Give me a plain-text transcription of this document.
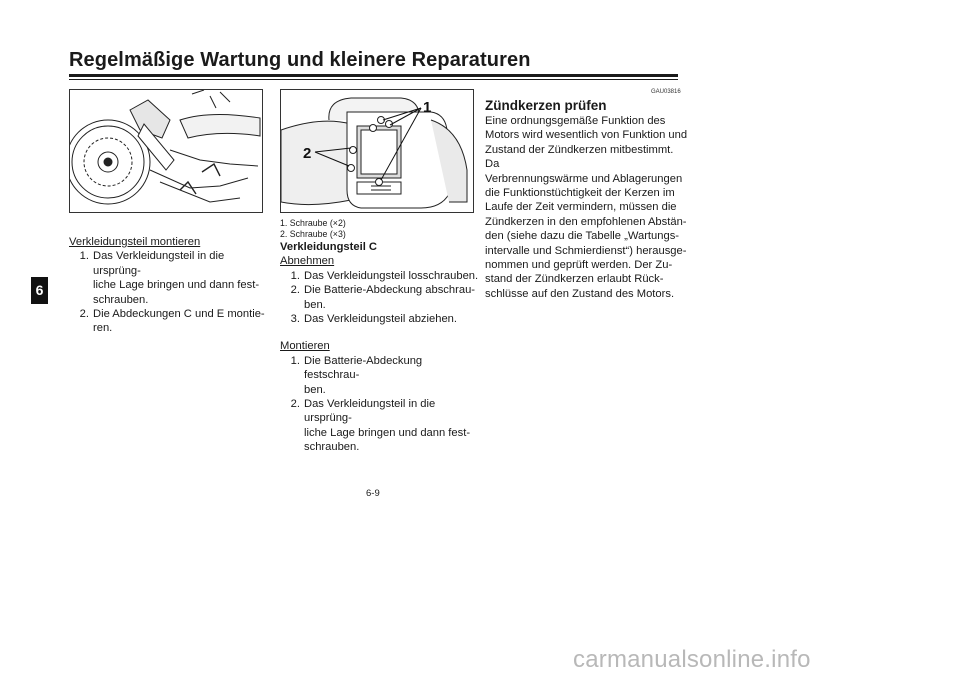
Regelmäßige Wartung und kleinere Reparaturen
6
1
2
Verkleidungsteil montieren
1. Das Verkleidungsteil in die ursprüng-
liche Lage bringen und dann fest-
schrauben.
2. Die Abdeckungen C und E montie-
ren.
1. Schraube (×2)
2. Schraube (×3)
Verkleidungsteil C
Abnehmen
1. Das Verkleidungsteil losschrauben.
2. Die Batterie-Abdeckung abschrau-
ben.
3. Das Verkleidungsteil abziehen.
Montieren
1. Die Batterie-Abdeckung festschrau-
ben.
2. Das Verkleidungsteil in die ursprüng-
liche Lage bringen und dann fest-
schrauben.
GAU03816
Zündkerzen prüfen
Eine ordnungsgemäße Funktion des
Motors wird wesentlich von Funktion und
Zustand der Zündkerzen mitbestimmt. Da
Verbrennungswärme und Ablagerungen
die Funktionstüchtigkeit der Kerzen im
Laufe der Zeit vermindern, müssen die
Zündkerzen in den empfohlenen Abstän-
den (siehe dazu die Tabelle „Wartungs-
intervalle und Schmierdienst“) herausge-
nommen und geprüft werden. Der Zu-
stand der Zündkerzen erlaubt Rück-
schlüsse auf den Zustand des Motors.
6-9
carmanualsonline.info
